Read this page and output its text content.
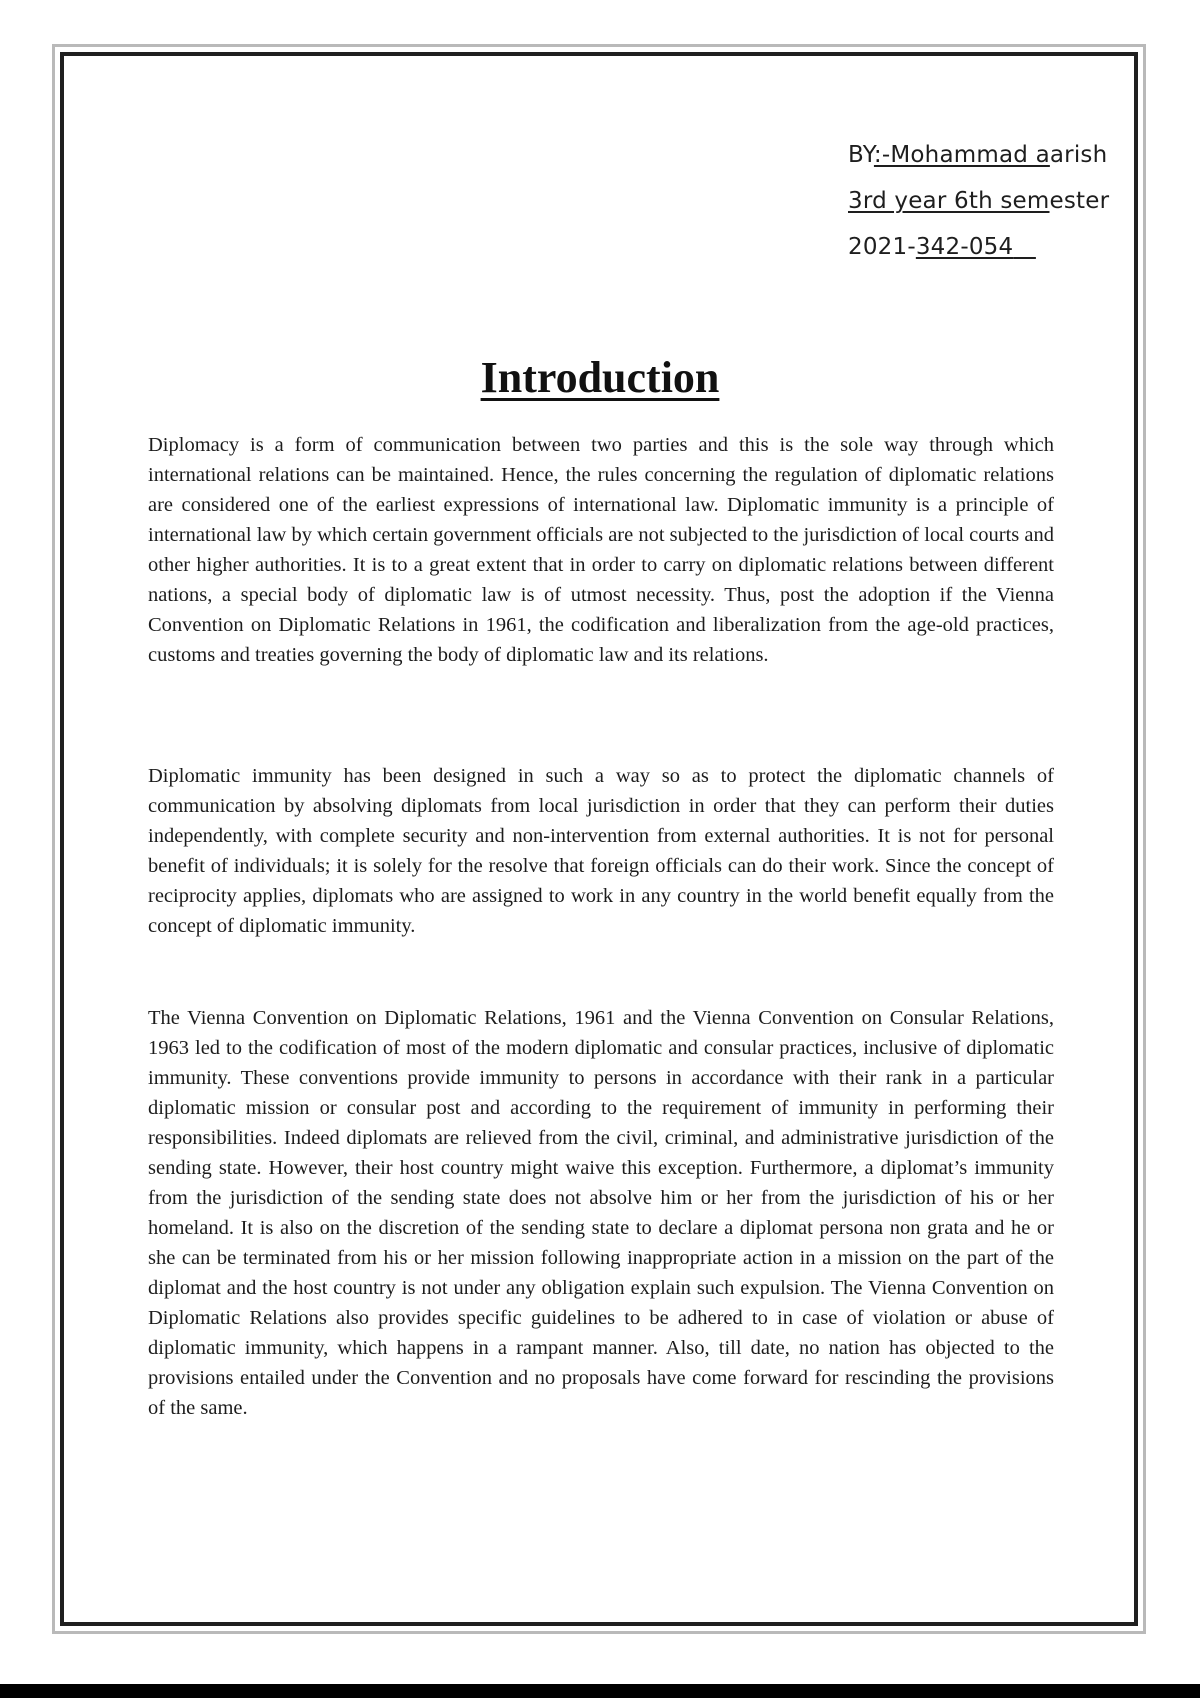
BY:-Mohammad aarish
3rd year 6th semester
2021-342-054
Introduction

Diplomacy is a form of communication between two parties and this is the sole way through which international relations can be maintained. Hence, the rules concerning the regulation of diplomatic relations are considered one of the earliest expressions of international law. Diplomatic immunity is a principle of international law by which certain government officials are not subjected to the jurisdiction of local courts and other higher authorities. It is to a great extent that in order to carry on diplomatic relations between different nations, a special body of diplomatic law is of utmost necessity. Thus, post the adoption if the Vienna Convention on Diplomatic Relations in 1961, the codification and liberalization from the age-old practices, customs and treaties governing the body of diplomatic law and its relations.

Diplomatic immunity has been designed in such a way so as to protect the diplomatic channels of communication by absolving diplomats from local jurisdiction in order that they can perform their duties independently, with complete security and non-intervention from external authorities. It is not for personal benefit of individuals; it is solely for the resolve that foreign officials can do their work. Since the concept of reciprocity applies, diplomats who are assigned to work in any country in the world benefit equally from the concept of diplomatic immunity.

The Vienna Convention on Diplomatic Relations, 1961 and the Vienna Convention on Consular Relations, 1963 led to the codification of most of the modern diplomatic and consular practices, inclusive of diplomatic immunity. These conventions provide immunity to persons in accordance with their rank in a particular diplomatic mission or consular post and according to the requirement of immunity in performing their responsibilities. Indeed diplomats are relieved from the civil, criminal, and administrative jurisdiction of the sending state. However, their host country might waive this exception. Furthermore, a diplomat’s immunity from the jurisdiction of the sending state does not absolve him or her from the jurisdiction of his or her homeland. It is also on the discretion of the sending state to declare a diplomat persona non grata and he or she can be terminated from his or her mission following inappropriate action in a mission on the part of the diplomat and the host country is not under any obligation explain such expulsion. The Vienna Convention on Diplomatic Relations also provides specific guidelines to be adhered to in case of violation or abuse of diplomatic immunity, which happens in a rampant manner. Also, till date, no nation has objected to the provisions entailed under the Convention and no proposals have come forward for rescinding the provisions of the same.
